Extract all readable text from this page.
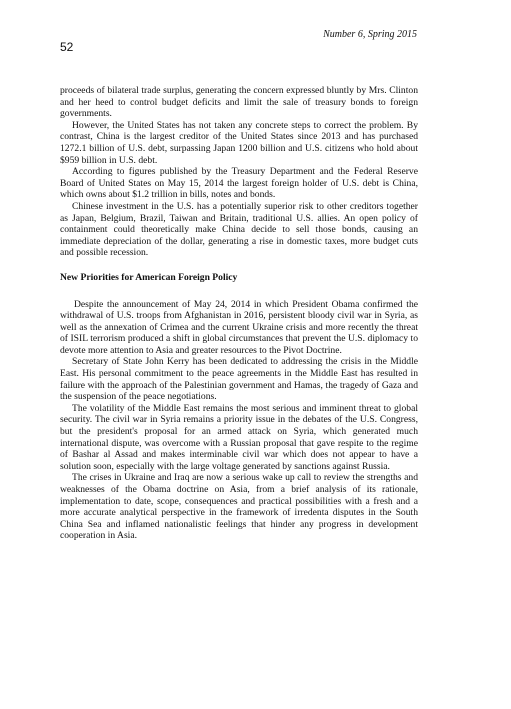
Number 6, Spring 2015
52

proceeds of bilateral trade surplus, generating the concern expressed bluntly by Mrs. Clinton and her heed to control budget deficits and limit the sale of treasury bonds to foreign governments.

However, the United States has not taken any concrete steps to correct the problem. By contrast, China is the largest creditor of the United States since 2013 and has purchased 1272.1 billion of U.S. debt, surpassing Japan 1200 billion and U.S. citizens who hold about $959 billion in U.S. debt.

According to figures published by the Treasury Department and the Federal Reserve Board of United States on May 15, 2014 the largest foreign holder of U.S. debt is China, which owns about $1.2 trillion in bills, notes and bonds.

Chinese investment in the U.S. has a potentially superior risk to other creditors together as Japan, Belgium, Brazil, Taiwan and Britain, traditional U.S. allies. An open policy of containment could theoretically make China decide to sell those bonds, causing an immediate depreciation of the dollar, generating a rise in domestic taxes, more budget cuts and possible recession.

New Priorities for American Foreign Policy

Despite the announcement of May 24, 2014 in which President Obama confirmed the withdrawal of U.S. troops from Afghanistan in 2016, persistent bloody civil war in Syria, as well as the annexation of Crimea and the current Ukraine crisis and more recently the threat of ISIL terrorism produced a shift in global circumstances that prevent the U.S. diplomacy to devote more attention to Asia and greater resources to the Pivot Doctrine.

Secretary of State John Kerry has been dedicated to addressing the crisis in the Middle East. His personal commitment to the peace agreements in the Middle East has resulted in failure with the approach of the Palestinian government and Hamas, the tragedy of Gaza and the suspension of the peace negotiations.

The volatility of the Middle East remains the most serious and imminent threat to global security. The civil war in Syria remains a priority issue in the debates of the U.S. Congress, but the president's proposal for an armed attack on Syria, which generated much international dispute, was overcome with a Russian proposal that gave respite to the regime of Bashar al Assad and makes interminable civil war which does not appear to have a solution soon, especially with the large voltage generated by sanctions against Russia.

The crises in Ukraine and Iraq are now a serious wake up call to review the strengths and weaknesses of the Obama doctrine on Asia, from a brief analysis of its rationale, implementation to date, scope, consequences and practical possibilities with a fresh and a more accurate analytical perspective in the framework of irredenta disputes in the South China Sea and inflamed nationalistic feelings that hinder any progress in development cooperation in Asia.
